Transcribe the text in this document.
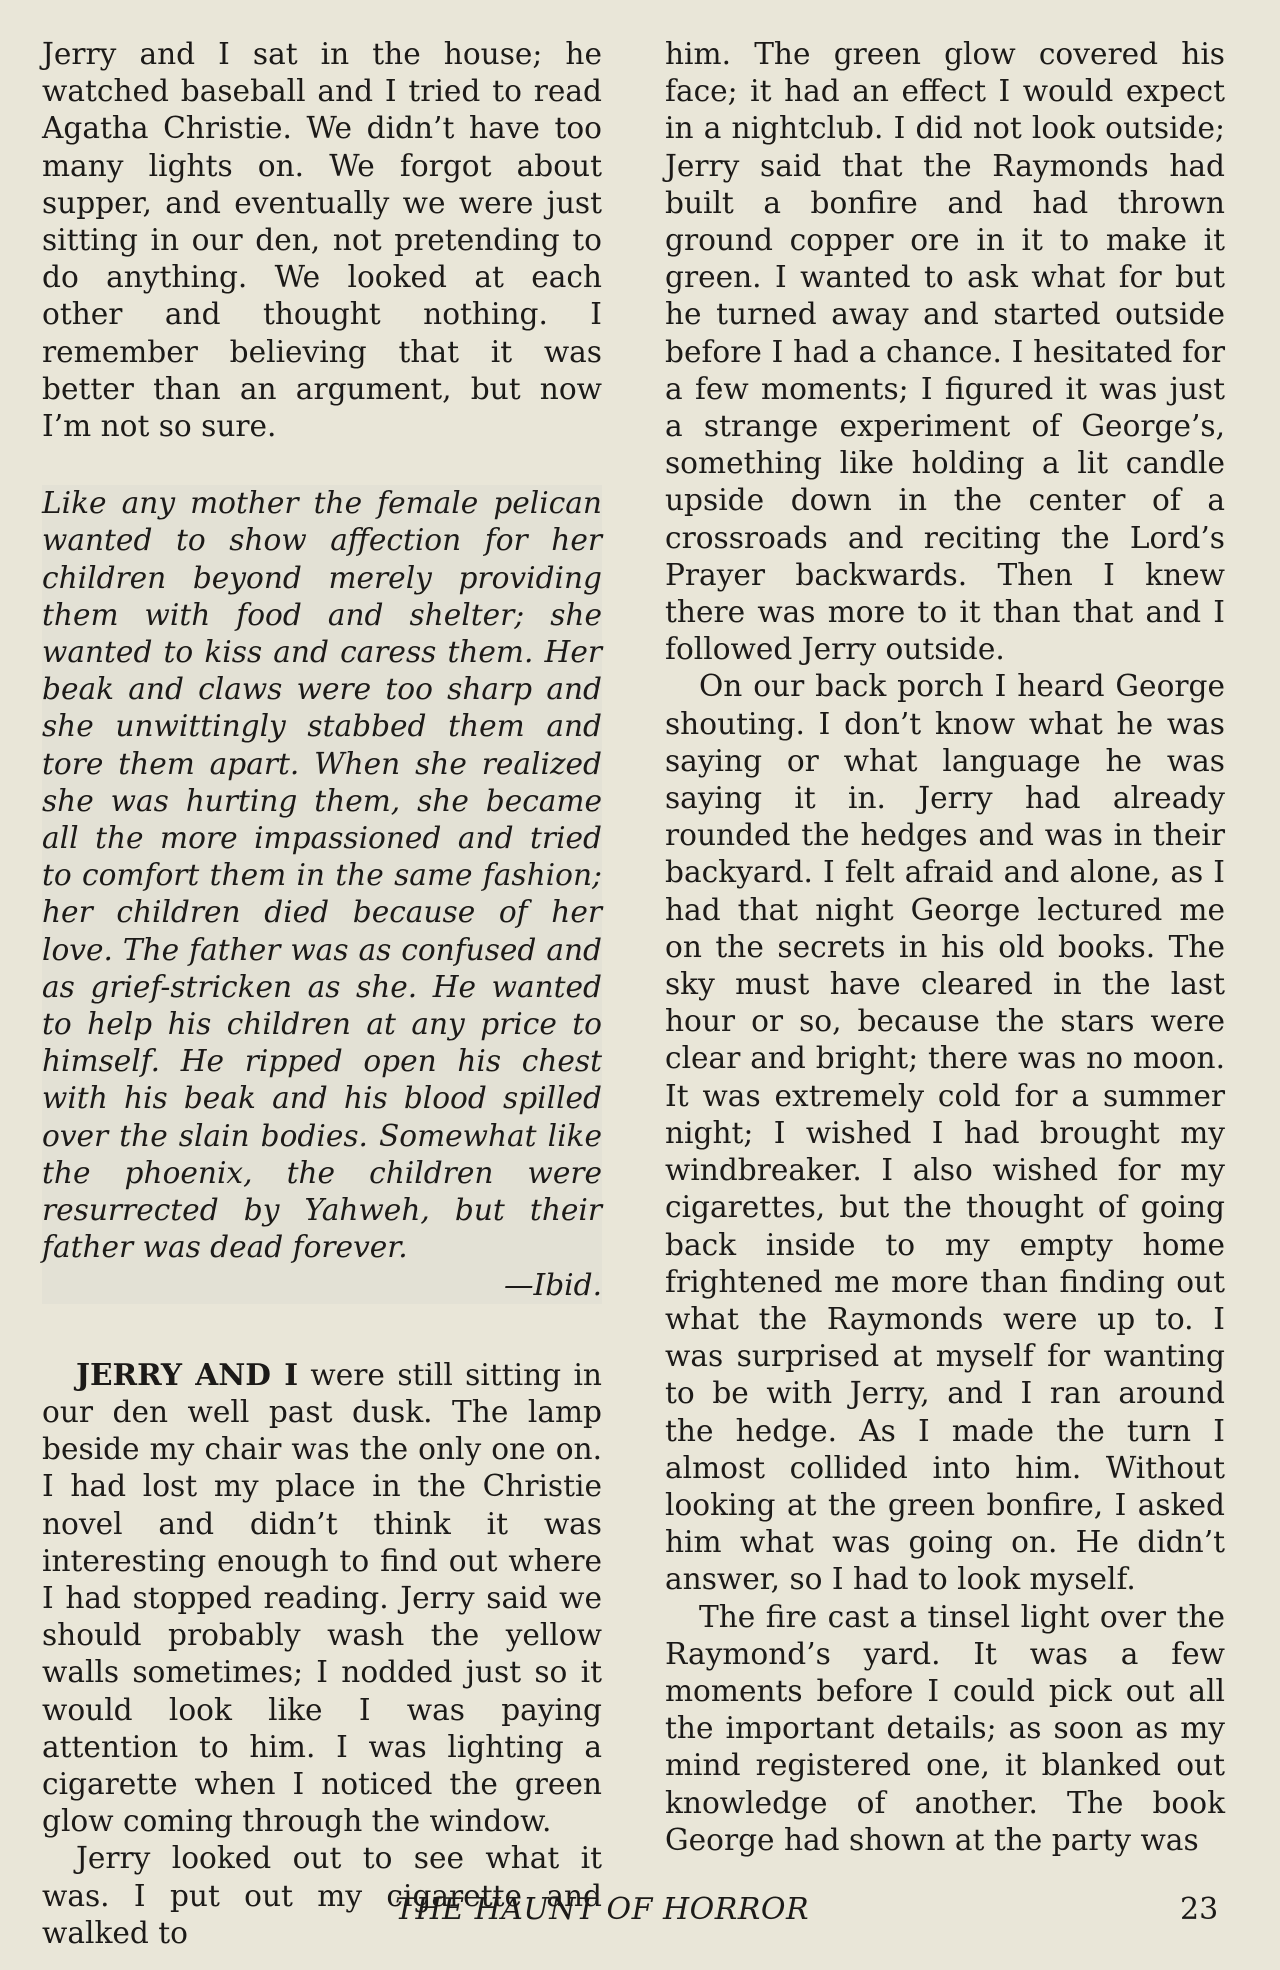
Jerry and I sat in the house; he watched baseball and I tried to read Agatha Christie. We didn’t have too many lights on. We forgot about supper, and eventually we were just sitting in our den, not pretending to do anything. We looked at each other and thought nothing. I remember believing that it was better than an argument, but now I’m not so sure.

Like any mother the female pelican wanted to show affection for her children beyond merely providing them with food and shelter; she wanted to kiss and caress them. Her beak and claws were too sharp and she unwittingly stabbed them and tore them apart. When she realized she was hurting them, she became all the more impassioned and tried to comfort them in the same fashion; her children died because of her love. The father was as confused and as grief-stricken as she. He wanted to help his children at any price to himself. He ripped open his chest with his beak and his blood spilled over the slain bodies. Somewhat like the phoenix, the children were resurrected by Yahweh, but their father was dead forever.

—Ibid.

JERRY AND I were still sitting in our den well past dusk. The lamp beside my chair was the only one on. I had lost my place in the Christie novel and didn’t think it was interesting enough to find out where I had stopped reading. Jerry said we should probably wash the yellow walls sometimes; I nodded just so it would look like I was paying attention to him. I was lighting a cigarette when I noticed the green glow coming through the window.

Jerry looked out to see what it was. I put out my cigarette and walked to

him. The green glow covered his face; it had an effect I would expect in a nightclub. I did not look outside; Jerry said that the Raymonds had built a bonfire and had thrown ground copper ore in it to make it green. I wanted to ask what for but he turned away and started outside before I had a chance. I hesitated for a few moments; I figured it was just a strange experiment of George’s, something like holding a lit candle upside down in the center of a crossroads and reciting the Lord’s Prayer backwards. Then I knew there was more to it than that and I followed Jerry outside.

On our back porch I heard George shouting. I don’t know what he was saying or what language he was saying it in. Jerry had already rounded the hedges and was in their backyard. I felt afraid and alone, as I had that night George lectured me on the secrets in his old books. The sky must have cleared in the last hour or so, because the stars were clear and bright; there was no moon. It was extremely cold for a summer night; I wished I had brought my windbreaker. I also wished for my cigarettes, but the thought of going back inside to my empty home frightened me more than finding out what the Raymonds were up to. I was surprised at myself for wanting to be with Jerry, and I ran around the hedge. As I made the turn I almost collided into him. Without looking at the green bonfire, I asked him what was going on. He didn’t answer, so I had to look myself.

The fire cast a tinsel light over the Raymond’s yard. It was a few moments before I could pick out all the important details; as soon as my mind registered one, it blanked out knowledge of another. The book George had shown at the party was

THE HAUNT OF HORROR	23
